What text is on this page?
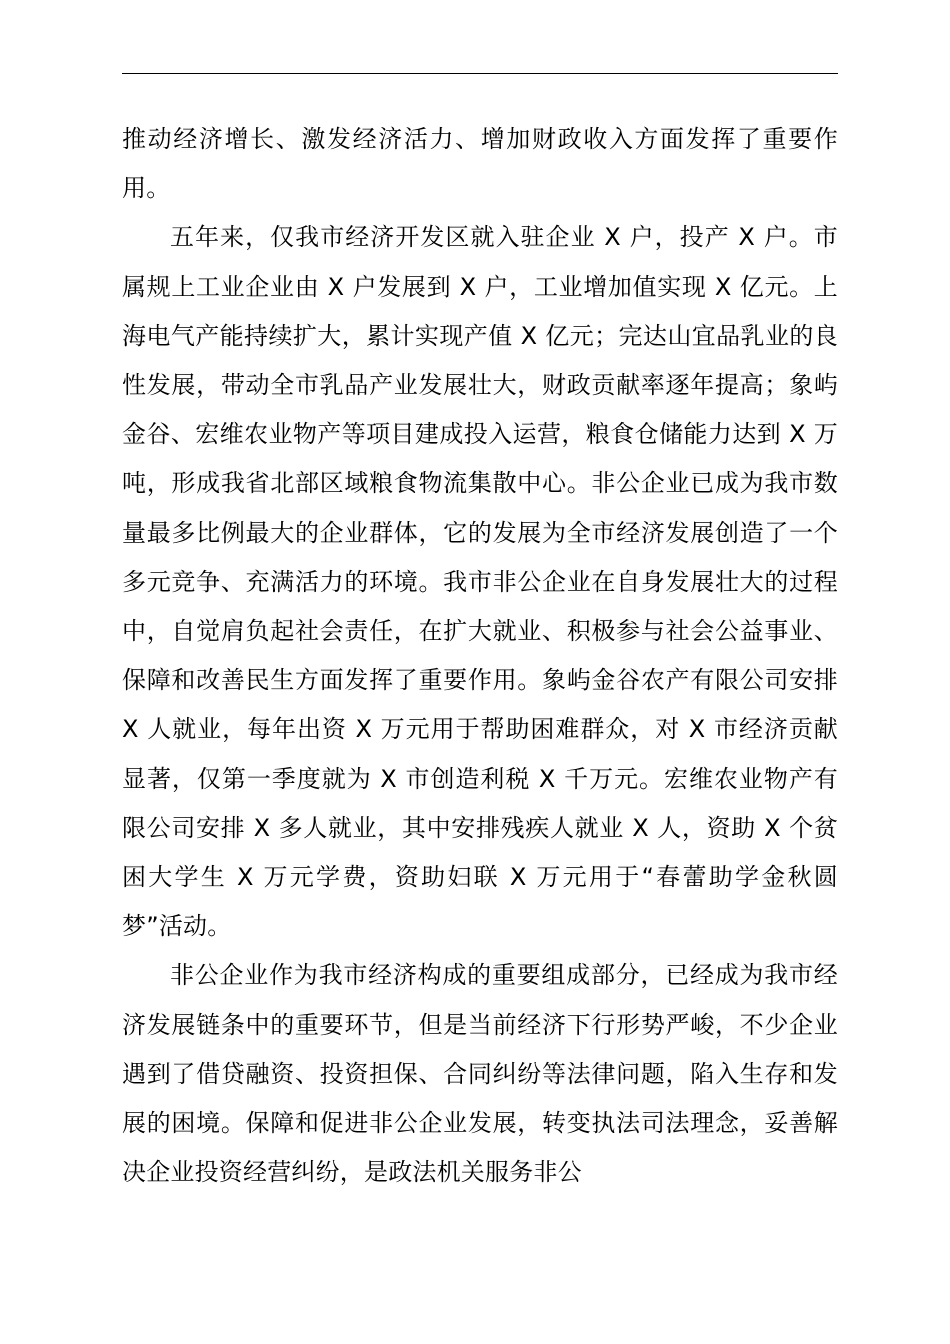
推动经济增长、激发经济活力、增加财政收入方面发挥了重要作用。

五年来，仅我市经济开发区就入驻企业 X 户，投产 X 户。市属规上工业企业由 X 户发展到 X 户，工业增加值实现 X 亿元。上海电气产能持续扩大，累计实现产值 X 亿元；完达山宜品乳业的良性发展，带动全市乳品产业发展壮大，财政贡献率逐年提高；象屿金谷、宏维农业物产等项目建成投入运营，粮食仓储能力达到 X 万吨，形成我省北部区域粮食物流集散中心。非公企业已成为我市数量最多比例最大的企业群体，它的发展为全市经济发展创造了一个多元竞争、充满活力的环境。我市非公企业在自身发展壮大的过程中，自觉肩负起社会责任，在扩大就业、积极参与社会公益事业、保障和改善民生方面发挥了重要作用。象屿金谷农产有限公司安排 X 人就业，每年出资 X 万元用于帮助困难群众，对 X 市经济贡献显著，仅第一季度就为 X 市创造利税 X 千万元。宏维农业物产有限公司安排 X 多人就业，其中安排残疾人就业 X 人，资助 X 个贫困大学生 X 万元学费，资助妇联 X 万元用于“春蕾助学金秋圆梦”活动。

非公企业作为我市经济构成的重要组成部分，已经成为我市经济发展链条中的重要环节，但是当前经济下行形势严峻，不少企业遇到了借贷融资、投资担保、合同纠纷等法律问题，陷入生存和发展的困境。保障和促进非公企业发展，转变执法司法理念，妥善解决企业投资经营纠纷，是政法机关服务非公
